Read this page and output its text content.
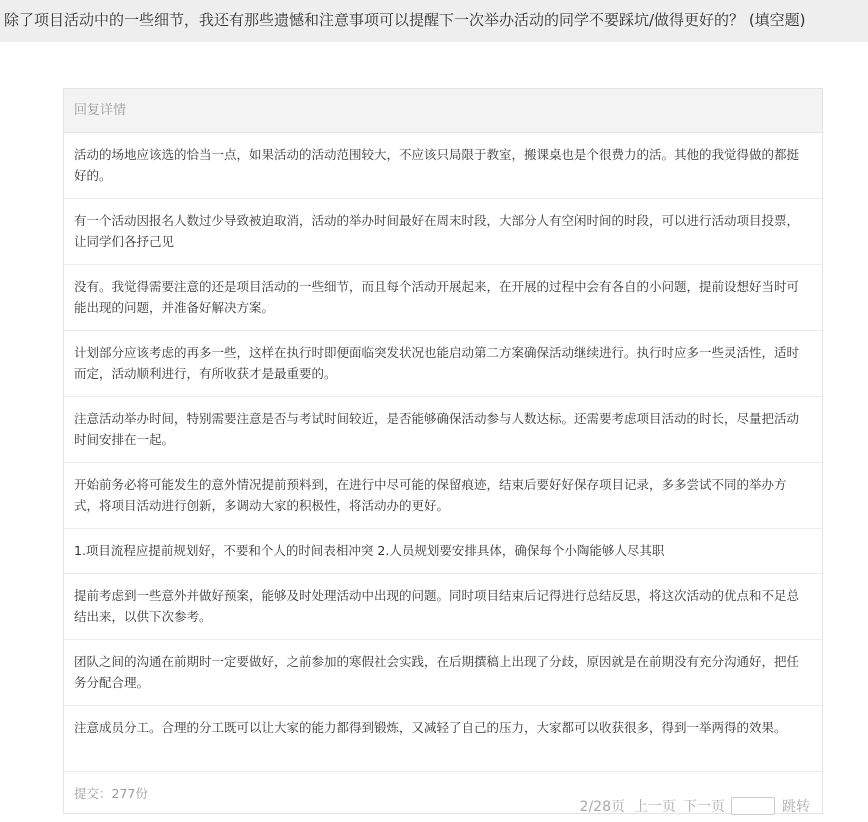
除了项目活动中的一些细节，我还有那些遗憾和注意事项可以提醒下一次举办活动的同学不要踩坑/做得更好的？ (填空题)
回复详情
活动的场地应该选的恰当一点，如果活动的活动范围较大，不应该只局限于教室，搬课桌也是个很费力的活。其他的我觉得做的都挺好的。
有一个活动因报名人数过少导致被迫取消，活动的举办时间最好在周末时段，大部分人有空闲时间的时段，可以进行活动项目投票，让同学们各抒己见
没有。我觉得需要注意的还是项目活动的一些细节，而且每个活动开展起来，在开展的过程中会有各自的小问题，提前设想好当时可能出现的问题，并准备好解决方案。
计划部分应该考虑的再多一些，这样在执行时即便面临突发状况也能启动第二方案确保活动继续进行。执行时应多一些灵活性，适时而定，活动顺利进行，有所收获才是最重要的。
注意活动举办时间，特别需要注意是否与考试时间较近，是否能够确保活动参与人数达标。还需要考虑项目活动的时长，尽量把活动时间安排在一起。
开始前务必将可能发生的意外情况提前预料到，在进行中尽可能的保留痕迹，结束后要好好保存项目记录，多多尝试不同的举办方式，将项目活动进行创新，多调动大家的积极性，将活动办的更好。
1.项目流程应提前规划好，不要和个人的时间表相冲突 2.人员规划要安排具体，确保每个小陶能够人尽其职
提前考虑到一些意外并做好预案，能够及时处理活动中出现的问题。同时项目结束后记得进行总结反思，将这次活动的优点和不足总结出来，以供下次参考。
团队之间的沟通在前期时一定要做好，之前参加的寒假社会实践，在后期撰稿上出现了分歧，原因就是在前期没有充分沟通好，把任务分配合理。
注意成员分工。合理的分工既可以让大家的能力都得到锻炼，又减轻了自己的压力，大家都可以收获很多，得到一举两得的效果。
提交：277份
2/28页 上一页 下一页	跳转
